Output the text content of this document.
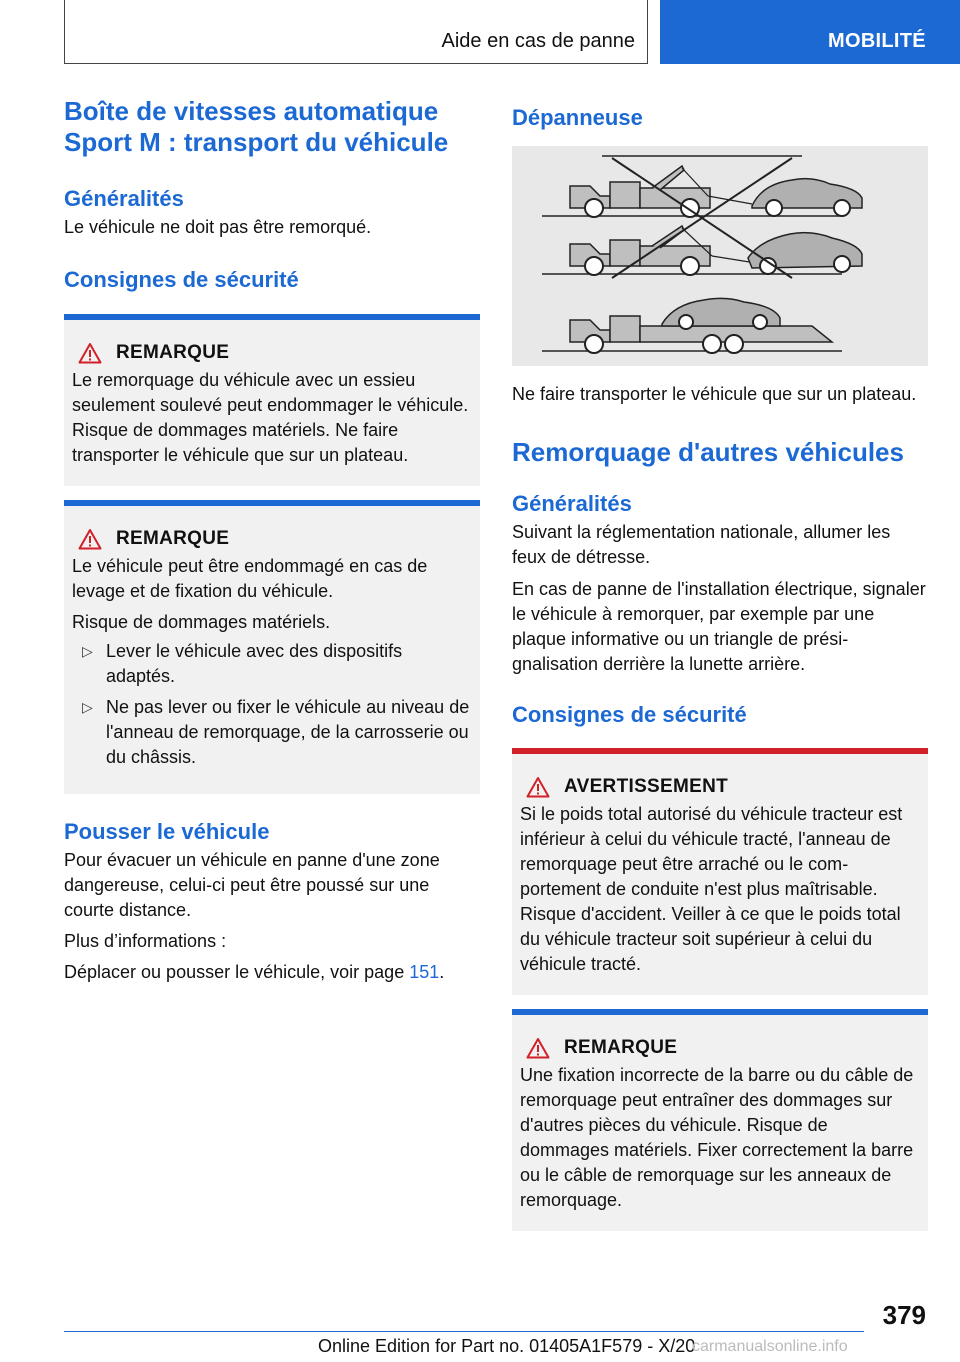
Aide en cas de panne	MOBILITÉ
Boîte de vitesses automatique Sport M : transport du véhicule
Généralités

Le véhicule ne doit pas être remorqué.

Consignes de sécurité
REMARQUE

Le remorquage du véhicule avec un essieu seulement soulevé peut endommager le véhicule. Risque de dommages matériels. Ne faire transporter le véhicule que sur un plateau.

REMARQUE

Le véhicule peut être endommagé en cas de levage et de fixation du véhicule.

Risque de dommages matériels.

▷ Lever le véhicule avec des dispositifs adaptés.
▷ Ne pas lever ou fixer le véhicule au niveau de l'anneau de remorquage, de la carrosserie ou du châssis.
Pousser le véhicule

Pour évacuer un véhicule en panne d'une zone dangereuse, celui-ci peut être poussé sur une courte distance.

Plus d’informations :

Déplacer ou pousser le véhicule, voir page 151.

Dépanneuse

Ne faire transporter le véhicule que sur un plateau.

Remorquage d'autres véhicules
Généralités

Suivant la réglementation nationale, allumer les feux de détresse.

En cas de panne de l'installation électrique, signaler le véhicule à remorquer, par exemple par une plaque informative ou un triangle de présignalisation derrière la lunette arrière.

Consignes de sécurité
AVERTISSEMENT

Si le poids total autorisé du véhicule tracteur est inférieur à celui du véhicule tracté, l'anneau de remorquage peut être arraché ou le comportement de conduite n'est plus maîtrisable. Risque d'accident. Veiller à ce que le poids total du véhicule tracteur soit supérieur à celui du véhicule tracté.

REMARQUE

Une fixation incorrecte de la barre ou du câble de remorquage peut entraîner des dommages sur d'autres pièces du véhicule. Risque de dommages matériels. Fixer correctement la barre ou le câble de remorquage sur les anneaux de remorquage.

379
Online Edition for Part no. 01405A1F579 - X/20
carmanualsonline.info
